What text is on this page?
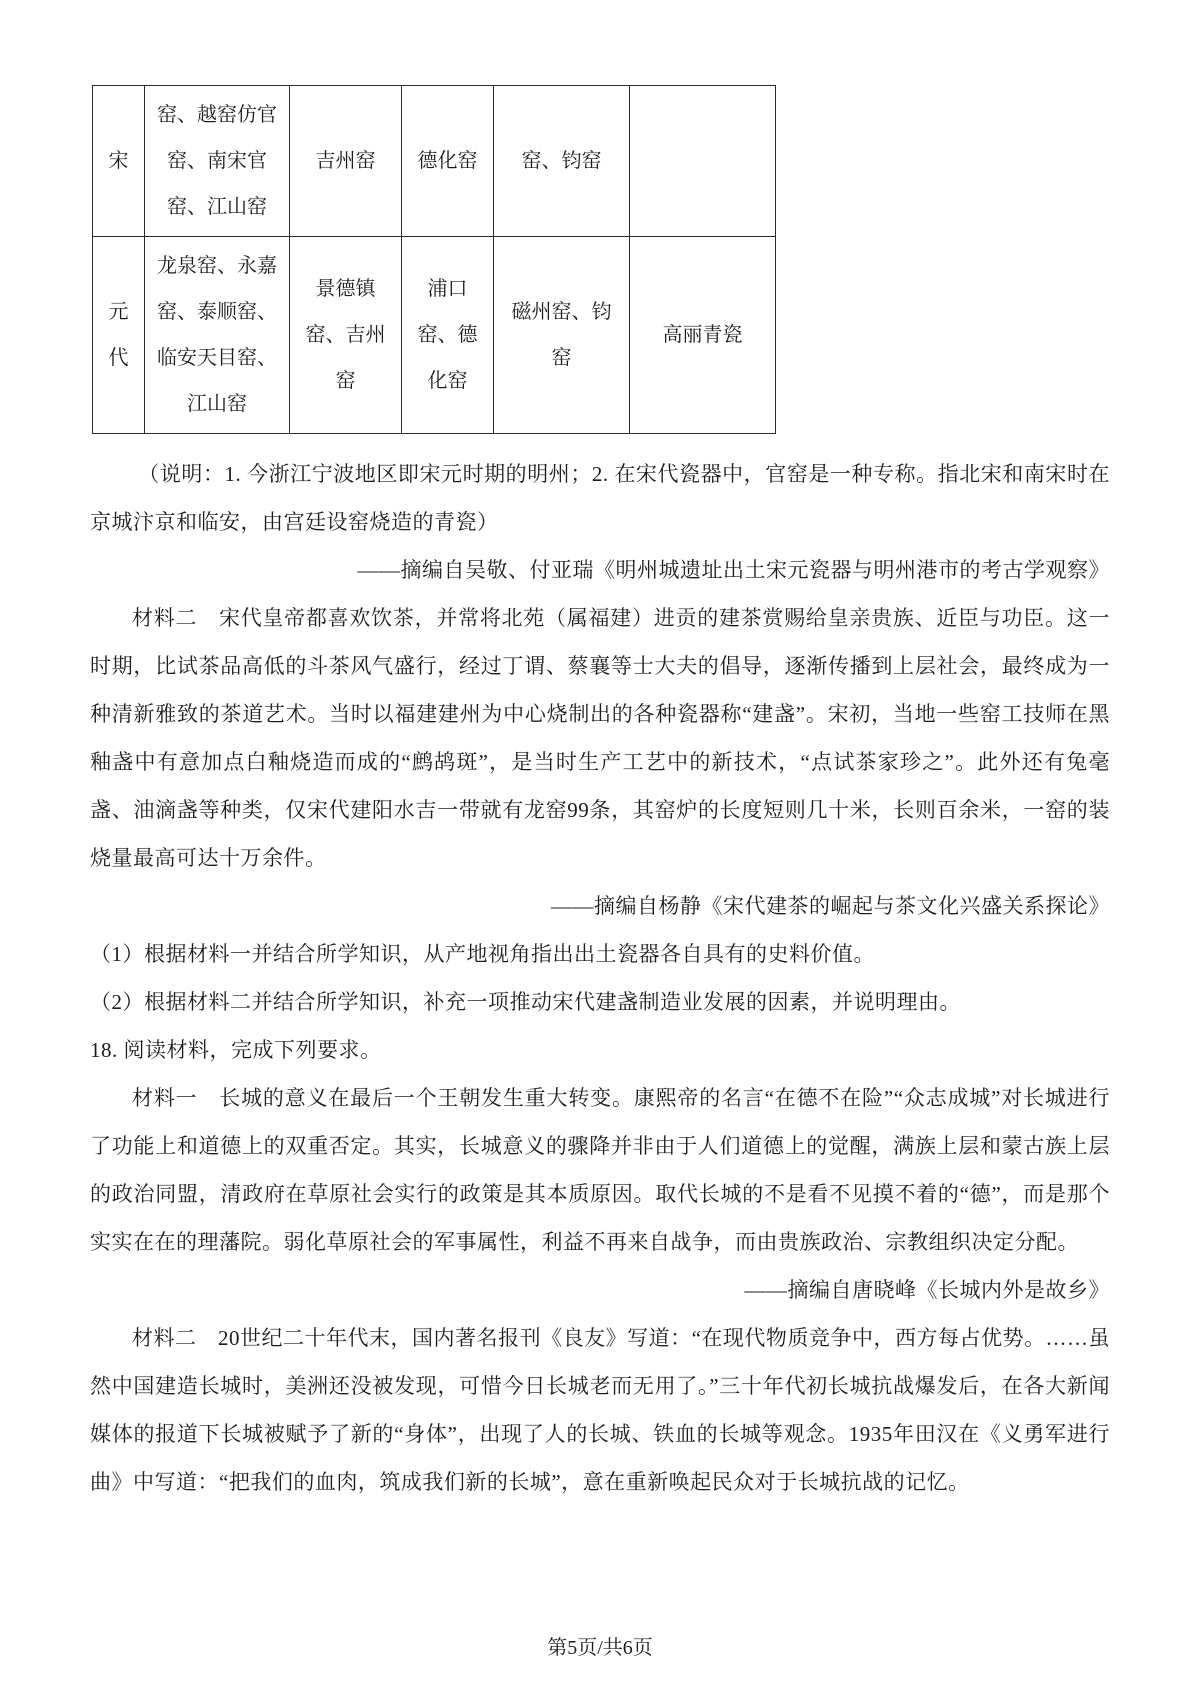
宋	窑、越窑仿官窑、南宋官窑、江山窑	吉州窑	德化窑	窑、钧窑	
元代	龙泉窑、永嘉窑、泰顺窑、临安天目窑、江山窑	景德镇窑、吉州窑	浦口窑、德化窑	磁州窑、钧窑	高丽青瓷

（说明：1. 今浙江宁波地区即宋元时期的明州；2. 在宋代瓷器中，官窑是一种专称。指北宋和南宋时在京城汴京和临安，由宫廷设窑烧造的青瓷）

——摘编自吴敬、付亚瑞《明州城遗址出土宋元瓷器与明州港市的考古学观察》

材料二　宋代皇帝都喜欢饮茶，并常将北苑（属福建）进贡的建茶赏赐给皇亲贵族、近臣与功臣。这一时期，比试茶品高低的斗茶风气盛行，经过丁谓、蔡襄等士大夫的倡导，逐渐传播到上层社会，最终成为一种清新雅致的茶道艺术。当时以福建建州为中心烧制出的各种瓷器称“建盏”。宋初，当地一些窑工技师在黑釉盏中有意加点白釉烧造而成的“鹧鸪斑”，是当时生产工艺中的新技术，“点试茶家珍之”。此外还有兔毫盏、油滴盏等种类，仅宋代建阳水吉一带就有龙窑99条，其窑炉的长度短则几十米，长则百余米，一窑的装烧量最高可达十万余件。

——摘编自杨静《宋代建茶的崛起与茶文化兴盛关系探论》

（1）根据材料一并结合所学知识，从产地视角指出出土瓷器各自具有的史料价值。

（2）根据材料二并结合所学知识，补充一项推动宋代建盏制造业发展的因素，并说明理由。

18. 阅读材料，完成下列要求。

材料一　长城的意义在最后一个王朝发生重大转变。康熙帝的名言“在德不在险”“众志成城”对长城进行了功能上和道德上的双重否定。其实，长城意义的骤降并非由于人们道德上的觉醒，满族上层和蒙古族上层的政治同盟，清政府在草原社会实行的政策是其本质原因。取代长城的不是看不见摸不着的“德”，而是那个实实在在的理藩院。弱化草原社会的军事属性，利益不再来自战争，而由贵族政治、宗教组织决定分配。

——摘编自唐晓峰《长城内外是故乡》

材料二　20世纪二十年代末，国内著名报刊《良友》写道：“在现代物质竞争中，西方每占优势。……虽然中国建造长城时，美洲还没被发现，可惜今日长城老而无用了。”三十年代初长城抗战爆发后，在各大新闻媒体的报道下长城被赋予了新的“身体”，出现了人的长城、铁血的长城等观念。1935年田汉在《义勇军进行曲》中写道：“把我们的血肉，筑成我们新的长城”，意在重新唤起民众对于长城抗战的记忆。

第5页/共6页
